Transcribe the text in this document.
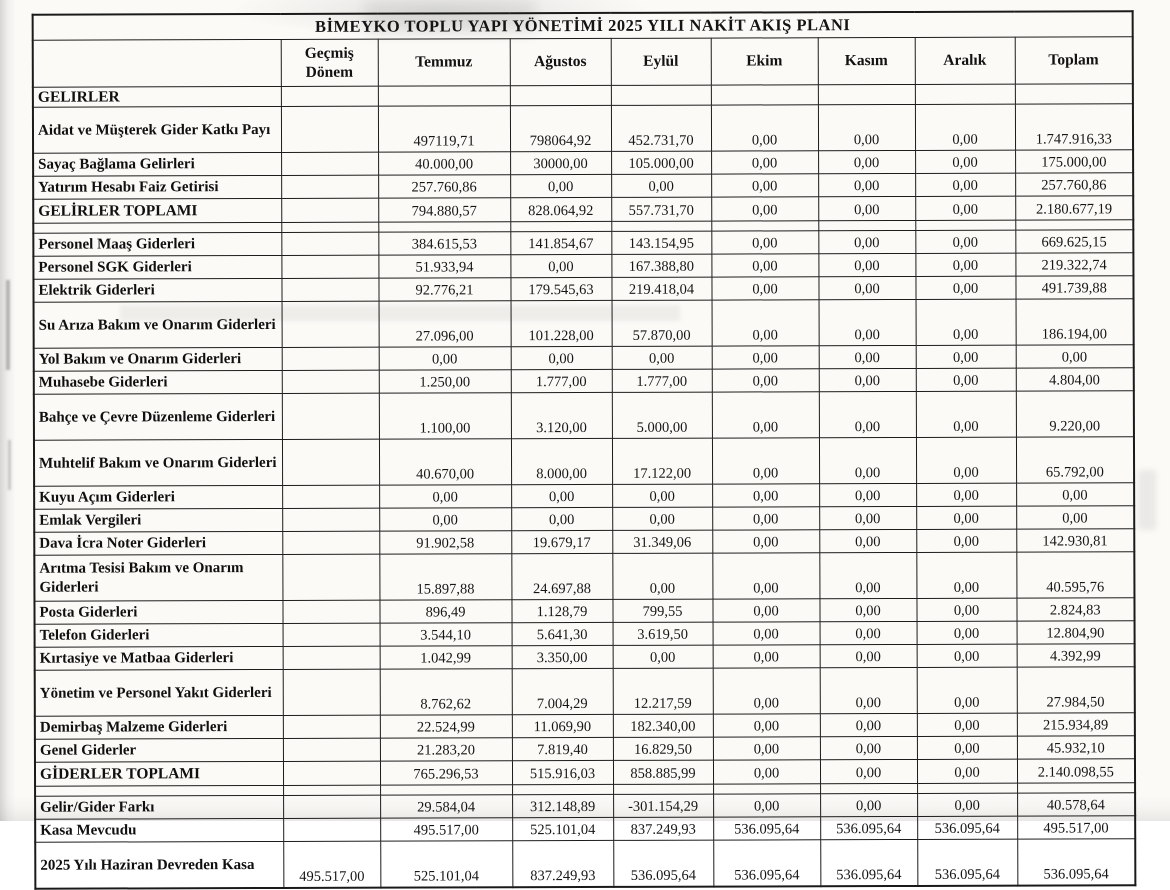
BİMEYKO TOPLU YAPI YÖNETİMİ 2025 YILI NAKİT AKIŞ PLANI								
	Geçmiş Dönem	Temmuz	Ağustos	Eylül	Ekim	Kasım	Aralık	Toplam
GELIRLER								
Aidat ve Müşterek Gider Katkı Payı		497119,71	798064,92	452.731,70	0,00	0,00	0,00	1.747.916,33
Sayaç Bağlama Gelirleri		40.000,00	30000,00	105.000,00	0,00	0,00	0,00	175.000,00
Yatırım Hesabı Faiz Getirisi		257.760,86	0,00	0,00	0,00	0,00	0,00	257.760,86
GELİRLER TOPLAMI		794.880,57	828.064,92	557.731,70	0,00	0,00	0,00	2.180.677,19

Personel Maaş Giderleri		384.615,53	141.854,67	143.154,95	0,00	0,00	0,00	669.625,15
Personel SGK Giderleri		51.933,94	0,00	167.388,80	0,00	0,00	0,00	219.322,74
Elektrik Giderleri		92.776,21	179.545,63	219.418,04	0,00	0,00	0,00	491.739,88
Su Arıza Bakım ve Onarım Giderleri		27.096,00	101.228,00	57.870,00	0,00	0,00	0,00	186.194,00
Yol Bakım ve Onarım Giderleri		0,00	0,00	0,00	0,00	0,00	0,00	0,00
Muhasebe Giderleri		1.250,00	1.777,00	1.777,00	0,00	0,00	0,00	4.804,00
Bahçe ve Çevre Düzenleme Giderleri		1.100,00	3.120,00	5.000,00	0,00	0,00	0,00	9.220,00
Muhtelif Bakım ve Onarım Giderleri		40.670,00	8.000,00	17.122,00	0,00	0,00	0,00	65.792,00
Kuyu Açım Giderleri		0,00	0,00	0,00	0,00	0,00	0,00	0,00
Emlak Vergileri		0,00	0,00	0,00	0,00	0,00	0,00	0,00
Dava İcra Noter Giderleri		91.902,58	19.679,17	31.349,06	0,00	0,00	0,00	142.930,81
Arıtma Tesisi Bakım ve Onarım Giderleri		15.897,88	24.697,88	0,00	0,00	0,00	0,00	40.595,76
Posta Giderleri		896,49	1.128,79	799,55	0,00	0,00	0,00	2.824,83
Telefon Giderleri		3.544,10	5.641,30	3.619,50	0,00	0,00	0,00	12.804,90
Kırtasiye ve Matbaa Giderleri		1.042,99	3.350,00	0,00	0,00	0,00	0,00	4.392,99
Yönetim ve Personel Yakıt Giderleri		8.762,62	7.004,29	12.217,59	0,00	0,00	0,00	27.984,50
Demirbaş Malzeme Giderleri		22.524,99	11.069,90	182.340,00	0,00	0,00	0,00	215.934,89
Genel Giderler		21.283,20	7.819,40	16.829,50	0,00	0,00	0,00	45.932,10
GİDERLER TOPLAMI		765.296,53	515.916,03	858.885,99	0,00	0,00	0,00	2.140.098,55

Gelir/Gider Farkı		29.584,04	312.148,89	-301.154,29	0,00	0,00	0,00	40.578,64
Kasa Mevcudu		495.517,00	525.101,04	837.249,93	536.095,64	536.095,64	536.095,64	495.517,00
2025 Yılı Haziran Devreden Kasa	495.517,00	525.101,04	837.249,93	536.095,64	536.095,64	536.095,64	536.095,64	536.095,64
